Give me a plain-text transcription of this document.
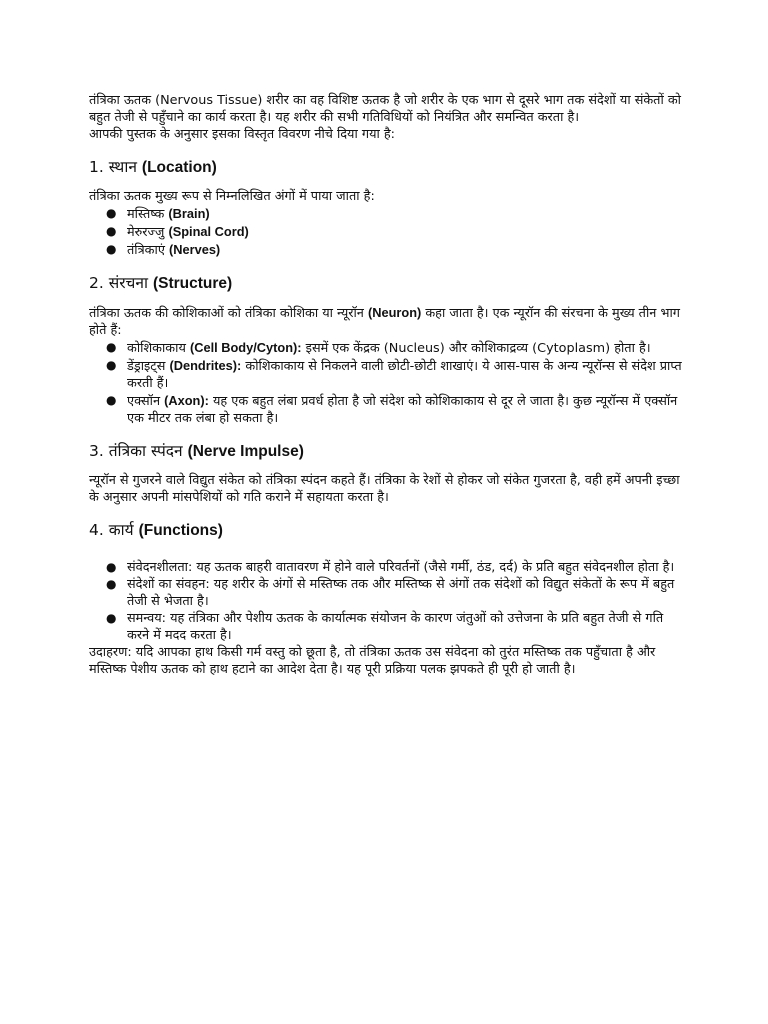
तंत्रिका ऊतक (Nervous Tissue) शरीर का वह विशिष्ट ऊतक है जो शरीर के एक भाग से दूसरे भाग तक संदेशों या संकेतों को बहुत तेजी से पहुँचाने का कार्य करता है। यह शरीर की सभी गतिविधियों को नियंत्रित और समन्वित करता है।

आपकी पुस्तक के अनुसार इसका विस्तृत विवरण नीचे दिया गया है:

1. स्थान (Location)

तंत्रिका ऊतक मुख्य रूप से निम्नलिखित अंगों में पाया जाता है:

● मस्तिष्क (Brain)
● मेरुरज्जु (Spinal Cord)
● तंत्रिकाएं (Nerves)
2. संरचना (Structure)

तंत्रिका ऊतक की कोशिकाओं को तंत्रिका कोशिका या न्यूरॉन (Neuron) कहा जाता है। एक न्यूरॉन की संरचना के मुख्य तीन भाग होते हैं:

● कोशिकाकाय (Cell Body/Cyton): इसमें एक केंद्रक (Nucleus) और कोशिकाद्रव्य (Cytoplasm) होता है।
● डेंड्राइट्स (Dendrites): कोशिकाकाय से निकलने वाली छोटी-छोटी शाखाएं। ये आस-पास के अन्य न्यूरॉन्स से संदेश प्राप्त करती हैं।
● एक्सॉन (Axon): यह एक बहुत लंबा प्रवर्ध होता है जो संदेश को कोशिकाकाय से दूर ले जाता है। कुछ न्यूरॉन्स में एक्सॉन एक मीटर तक लंबा हो सकता है।
3. तंत्रिका स्पंदन (Nerve Impulse)

न्यूरॉन से गुजरने वाले विद्युत संकेत को तंत्रिका स्पंदन कहते हैं। तंत्रिका के रेशों से होकर जो संकेत गुजरता है, वही हमें अपनी इच्छा के अनुसार अपनी मांसपेशियों को गति कराने में सहायता करता है।

4. कार्य (Functions)
● संवेदनशीलता: यह ऊतक बाहरी वातावरण में होने वाले परिवर्तनों (जैसे गर्मी, ठंड, दर्द) के प्रति बहुत संवेदनशील होता है।
● संदेशों का संवहन: यह शरीर के अंगों से मस्तिष्क तक और मस्तिष्क से अंगों तक संदेशों को विद्युत संकेतों के रूप में बहुत तेजी से भेजता है।
● समन्वय: यह तंत्रिका और पेशीय ऊतक के कार्यात्मक संयोजन के कारण जंतुओं को उत्तेजना के प्रति बहुत तेजी से गति करने में मदद करता है।

उदाहरण: यदि आपका हाथ किसी गर्म वस्तु को छूता है, तो तंत्रिका ऊतक उस संवेदना को तुरंत मस्तिष्क तक पहुँचाता है और मस्तिष्क पेशीय ऊतक को हाथ हटाने का आदेश देता है। यह पूरी प्रक्रिया पलक झपकते ही पूरी हो जाती है।
